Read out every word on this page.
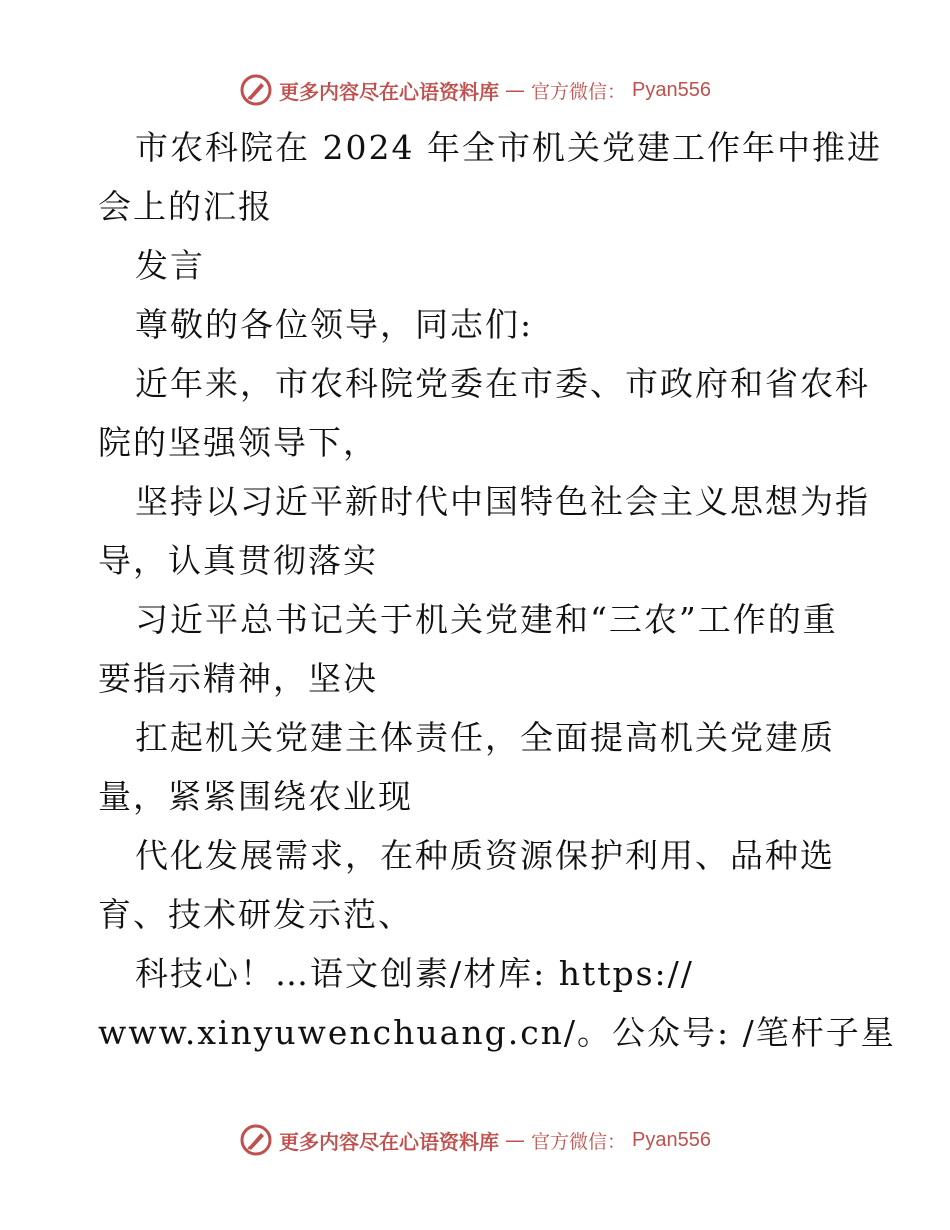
更多内容尽在心语资料库 — 官方微信： Pyan556

市农科院在 2024 年全市机关党建工作年中推进

会上的汇报

发言

尊敬的各位领导，同志们:

近年来，市农科院党委在市委、市政府和省农科

院的坚强领导下，

坚持以习近平新时代中国特色社会主义思想为指

导，认真贯彻落实

习近平总书记关于机关党建和“三农”工作的重

要指示精神，坚决

扛起机关党建主体责任，全面提高机关党建质

量，紧紧围绕农业现

代化发展需求，在种质资源保护利用、品种选

育、技术研发示范、

科技心！…语文创素/材库: https://

www.xinyuwenchuang.cn/。公众号: /笔杆子星

更多内容尽在心语资料库 — 官方微信： Pyan556
